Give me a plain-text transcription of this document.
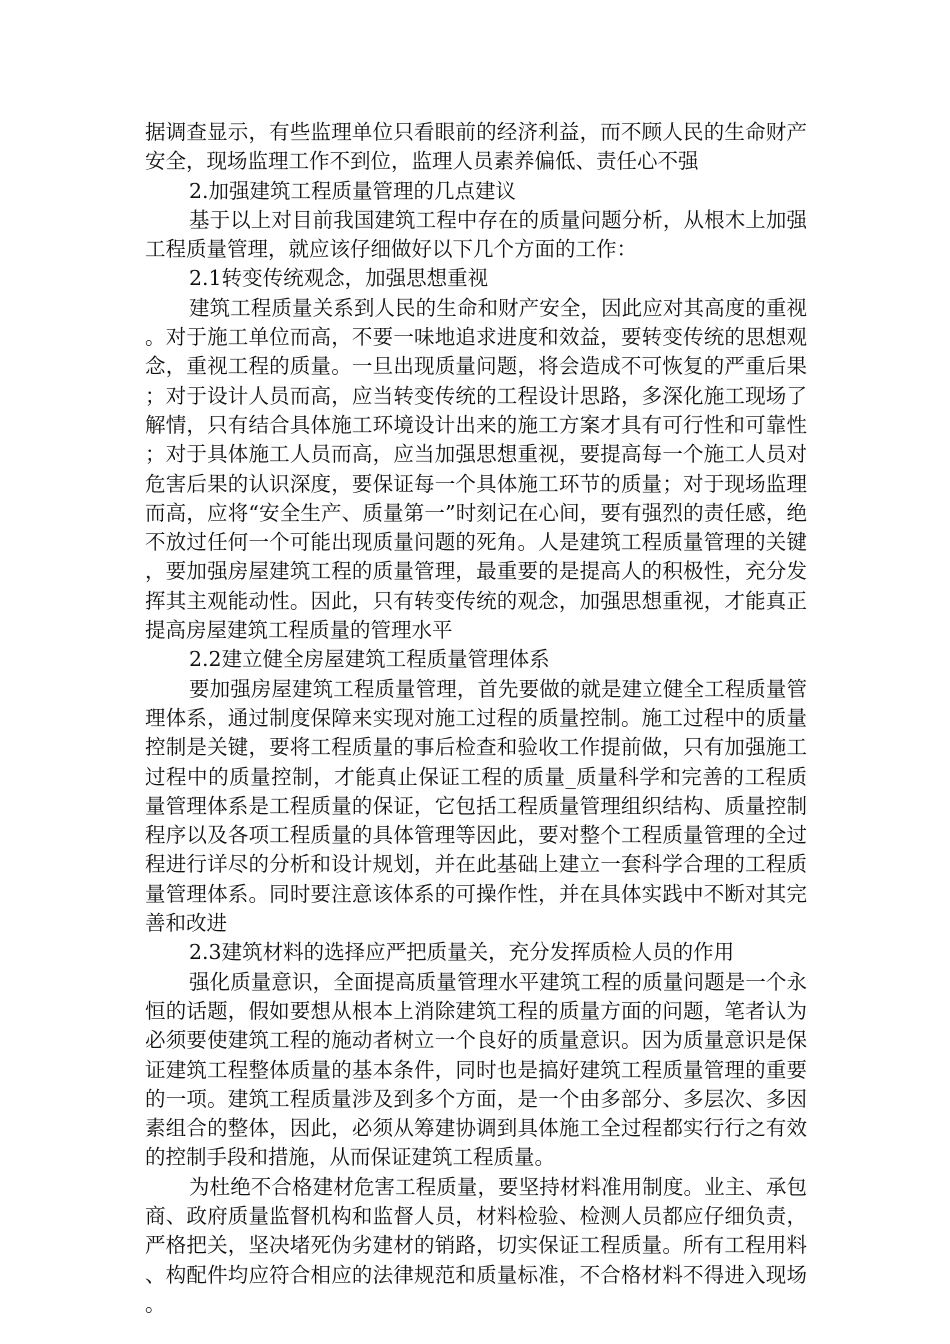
据调查显示，有些监理单位只看眼前的经济利益，而不顾人民的生命财产安全，现场监理工作不到位，监理人员素养偏低、责任心不强

2.加强建筑工程质量管理的几点建议

基于以上对目前我国建筑工程中存在的质量问题分析，从根木上加强工程质量管理，就应该仔细做好以下几个方面的工作：

2.1转变传统观念，加强思想重视

建筑工程质量关系到人民的生命和财产安全，因此应对其高度的重视。对于施工单位而高，不要一味地追求进度和效益，要转变传统的思想观念，重视工程的质量。一旦出现质量问题，将会造成不可恢复的严重后果；对于设计人员而高，应当转变传统的工程设计思路，多深化施工现场了解情，只有结合具体施工环境设计出来的施工方案才具有可行性和可靠性；对于具体施工人员而高，应当加强思想重视，要提高每一个施工人员对危害后果的认识深度，要保证每一个具体施工环节的质量；对于现场监理而高，应将“安全生产、质量第一”时刻记在心间，要有强烈的责任感，绝不放过任何一个可能出现质量问题的死角。人是建筑工程质量管理的关键，要加强房屋建筑工程的质量管理，最重要的是提高人的积极性，充分发挥其主观能动性。因此，只有转变传统的观念，加强思想重视，才能真正提高房屋建筑工程质量的管理水平

2.2建立健全房屋建筑工程质量管理体系

要加强房屋建筑工程质量管理，首先要做的就是建立健全工程质量管理体系，通过制度保障来实现对施工过程的质量控制。施工过程中的质量控制是关键，要将工程质量的事后检查和验收工作提前做，只有加强施工过程中的质量控制，才能真止保证工程的质量_质量科学和完善的工程质量管理体系是工程质量的保证，它包括工程质量管理组织结构、质量控制程序以及各项工程质量的具体管理等因此，要对整个工程质量管理的全过程进行详尽的分析和设计规划，并在此基础上建立一套科学合理的工程质量管理体系。同时要注意该体系的可操作性，并在具体实践中不断对其完善和改进

2.3建筑材料的选择应严把质量关，充分发挥质检人员的作用

强化质量意识，全面提高质量管理水平建筑工程的质量问题是一个永恒的话题，假如要想从根本上消除建筑工程的质量方面的问题，笔者认为必须要使建筑工程的施动者树立一个良好的质量意识。因为质量意识是保证建筑工程整体质量的基本条件，同时也是搞好建筑工程质量管理的重要的一项。建筑工程质量涉及到多个方面，是一个由多部分、多层次、多因素组合的整体，因此，必须从筹建协调到具体施工全过程都实行行之有效的控制手段和措施，从而保证建筑工程质量。

为杜绝不合格建材危害工程质量，要坚持材料准用制度。业主、承包商、政府质量监督机构和监督人员，材料检验、检测人员都应仔细负责，严格把关，坚决堵死伪劣建材的销路，切实保证工程质量。所有工程用料、构配件均应符合相应的法律规范和质量标准，不合格材料不得进入现场。
